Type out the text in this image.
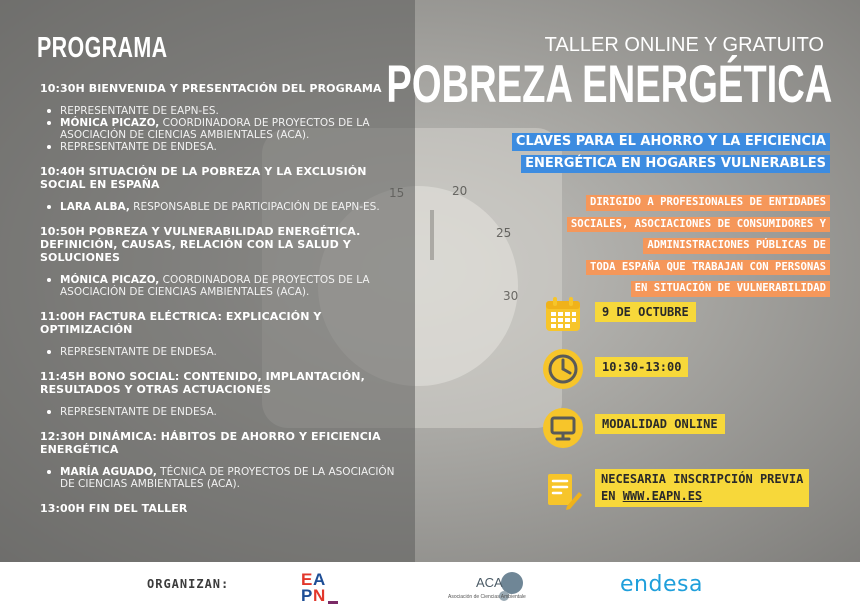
20
25
30
PROGRAMA
10:30H BIENVENIDA Y PRESENTACIÓN DEL PROGRAMA
REPRESENTANTE DE EAPN-ES.
MÓNICA PICAZO, COORDINADORA DE PROYECTOS DE LA ASOCIACIÓN DE CIENCIAS AMBIENTALES (ACA).
REPRESENTANTE DE ENDESA.
10:40H SITUACIÓN DE LA POBREZA Y LA EXCLUSIÓN SOCIAL EN ESPAÑA
LARA ALBA, RESPONSABLE DE PARTICIPACIÓN DE EAPN-ES.
10:50H POBREZA Y VULNERABILIDAD ENERGÉTICA. DEFINICIÓN, CAUSAS, RELACIÓN CON LA SALUD Y SOLUCIONES
MÓNICA PICAZO, COORDINADORA DE PROYECTOS DE LA ASOCIACIÓN DE CIENCIAS AMBIENTALES (ACA).
11:00H FACTURA ELÉCTRICA: EXPLICACIÓN Y OPTIMIZACIÓN
REPRESENTANTE DE ENDESA.
11:45H BONO SOCIAL: CONTENIDO, IMPLANTACIÓN, RESULTADOS Y OTRAS ACTUACIONES
REPRESENTANTE DE ENDESA.
12:30H DINÁMICA: HÁBITOS DE AHORRO Y EFICIENCIA ENERGÉTICA
MARÍA AGUADO, TÉCNICA DE PROYECTOS DE LA ASOCIACIÓN DE CIENCIAS AMBIENTALES (ACA).
13:00H FIN DEL TALLER
TALLER ONLINE Y GRATUITO
POBREZA ENERGÉTICA
CLAVES PARA EL AHORRO Y LA EFICIENCIA
ENERGÉTICA EN HOGARES VULNERABLES
DIRIGIDO A PROFESIONALES DE ENTIDADES
SOCIALES, ASOCIACIONES DE CONSUMIDORES Y
ADMINISTRACIONES PÚBLICAS DE
TODA ESPAÑA QUE TRABAJAN CON PERSONAS
EN SITUACIÓN DE VULNERABILIDAD
9 DE OCTUBRE
10:30-13:00
MODALIDAD ONLINE
NECESARIA INSCRIPCIÓN PREVIA
EN WWW.EAPN.ES
ORGANIZAN:	E A
P N
ACA
Asociación de Ciencias Ambientales	endesa
